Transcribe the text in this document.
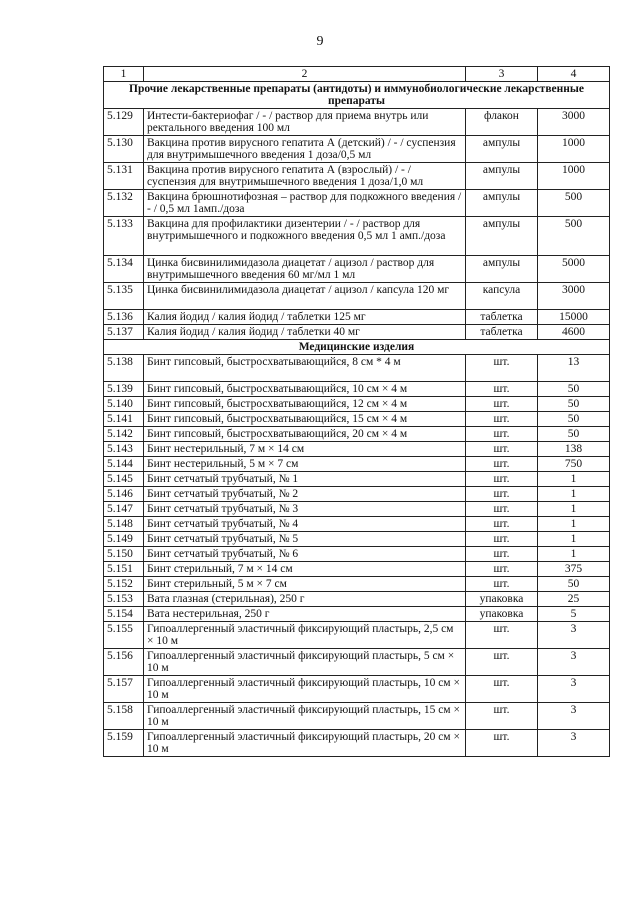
9
1	2	3	4
Прочие лекарственные препараты (антидоты) и иммунобиологические лекарственные препараты			
5.129	Интести-бактериофаг / - / раствор для приема внутрь или ректального введения 100 мл	флакон	3000
5.130	Вакцина против вирусного гепатита А (детский) / - / суспензия для внутримышечного введения 1 доза/0,5 мл	ампулы	1000
5.131	Вакцина против вирусного гепатита А (взрослый) / - / суспензия для внутримышечного введения 1 доза/1,0 мл	ампулы	1000
5.132	Вакцина брюшнотифозная – раствор для подкожного введения / - / 0,5 мл 1амп./доза	ампулы	500
5.133	Вакцина для профилактики дизентерии / - / раствор для внутримышечного и подкожного введения 0,5 мл 1 амп./доза	ампулы	500
5.134	Цинка бисвинилимидазола диацетат / ацизол / раствор для внутримышечного введения 60 мг/мл 1 мл	ампулы	5000
5.135	Цинка бисвинилимидазола диацетат / ацизол / капсула 120 мг	капсула	3000
5.136	Калия йодид / калия йодид / таблетки 125 мг	таблетка	15000
5.137	Калия йодид / калия йодид / таблетки 40 мг	таблетка	4600
Медицинские изделия			
5.138	Бинт гипсовый, быстросхватывающийся, 8 см * 4 м	шт.	13
5.139	Бинт гипсовый, быстросхватывающийся, 10 см × 4 м	шт.	50
5.140	Бинт гипсовый, быстросхватывающийся, 12 см × 4 м	шт.	50
5.141	Бинт гипсовый, быстросхватывающийся, 15 см × 4 м	шт.	50
5.142	Бинт гипсовый, быстросхватывающийся, 20 см × 4 м	шт.	50
5.143	Бинт нестерильный, 7 м × 14 см	шт.	138
5.144	Бинт нестерильный, 5 м × 7 см	шт.	750
5.145	Бинт сетчатый трубчатый, № 1	шт.	1
5.146	Бинт сетчатый трубчатый, № 2	шт.	1
5.147	Бинт сетчатый трубчатый, № 3	шт.	1
5.148	Бинт сетчатый трубчатый, № 4	шт.	1
5.149	Бинт сетчатый трубчатый, № 5	шт.	1
5.150	Бинт сетчатый трубчатый, № 6	шт.	1
5.151	Бинт стерильный, 7 м × 14 см	шт.	375
5.152	Бинт стерильный, 5 м × 7 см	шт.	50
5.153	Вата глазная (стерильная), 250 г	упаковка	25
5.154	Вата нестерильная, 250 г	упаковка	5
5.155	Гипоаллергенный эластичный фиксирующий пластырь, 2,5 см × 10 м	шт.	3
5.156	Гипоаллергенный эластичный фиксирующий пластырь, 5 см × 10 м	шт.	3
5.157	Гипоаллергенный эластичный фиксирующий пластырь, 10 см × 10 м	шт.	3
5.158	Гипоаллергенный эластичный фиксирующий пластырь, 15 см × 10 м	шт.	3
5.159	Гипоаллергенный эластичный фиксирующий пластырь, 20 см × 10 м	шт.	3
